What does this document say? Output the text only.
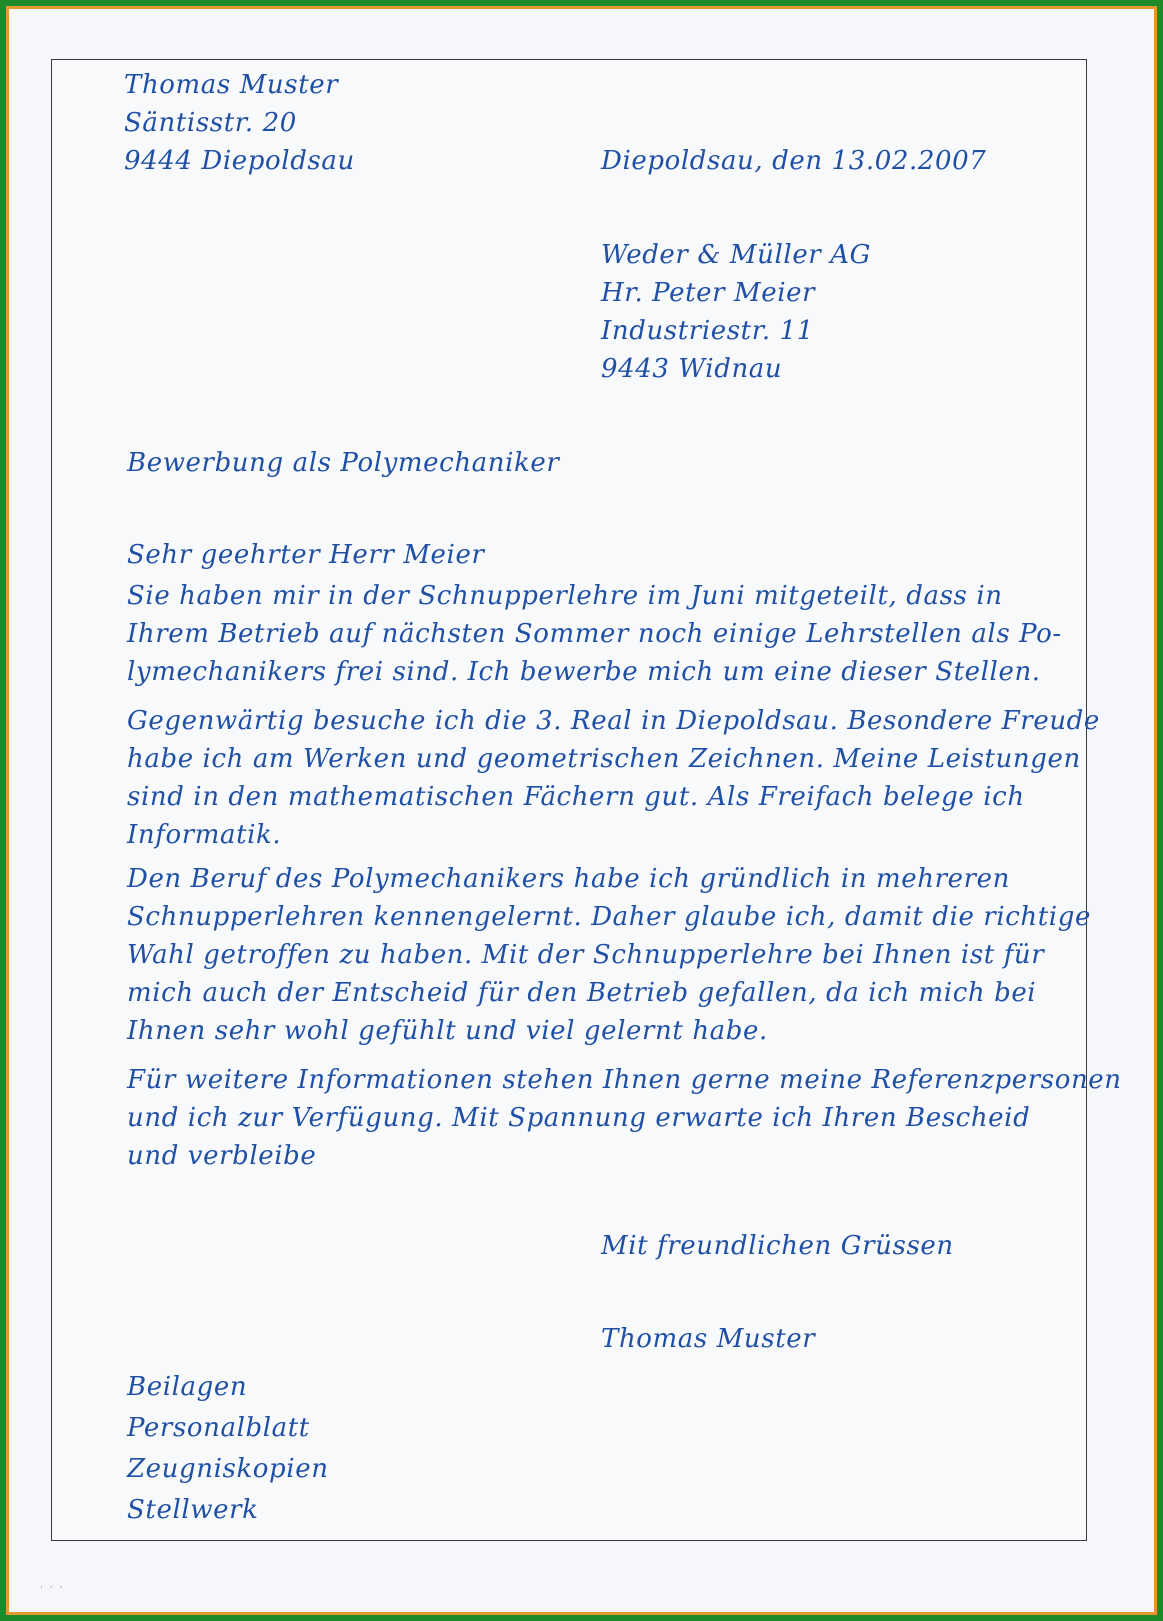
Thomas Muster

Säntisstr. 20

9444 Diepoldsau	Diepoldsau, den 13.02.2007

Weder & Müller AG

Hr. Peter Meier

Industriestr. 11

9443 Widnau

Bewerbung als Polymechaniker

Sehr geehrter Herr Meier

Sie haben mir in der Schnupperlehre im Juni mitgeteilt, dass in

Ihrem Betrieb auf nächsten Sommer noch einige Lehrstellen als Po-

lymechanikers frei sind. Ich bewerbe mich um eine dieser Stellen.

Gegenwärtig besuche ich die 3. Real in Diepoldsau. Besondere Freude

habe ich am Werken und geometrischen Zeichnen. Meine Leistungen

sind in den mathematischen Fächern gut. Als Freifach belege ich

Informatik.

Den Beruf des Polymechanikers habe ich gründlich in mehreren

Schnupperlehren kennengelernt. Daher glaube ich, damit die richtige

Wahl getroffen zu haben. Mit der Schnupperlehre bei Ihnen ist für

mich auch der Entscheid für den Betrieb gefallen, da ich mich bei

Ihnen sehr wohl gefühlt und viel gelernt habe.

Für weitere Informationen stehen Ihnen gerne meine Referenzpersonen

und ich zur Verfügung. Mit Spannung erwarte ich Ihren Bescheid

und verbleibe

Mit freundlichen Grüssen

Thomas Muster

Beilagen

Personalblatt

Zeugniskopien

Stellwerk

· · ·
